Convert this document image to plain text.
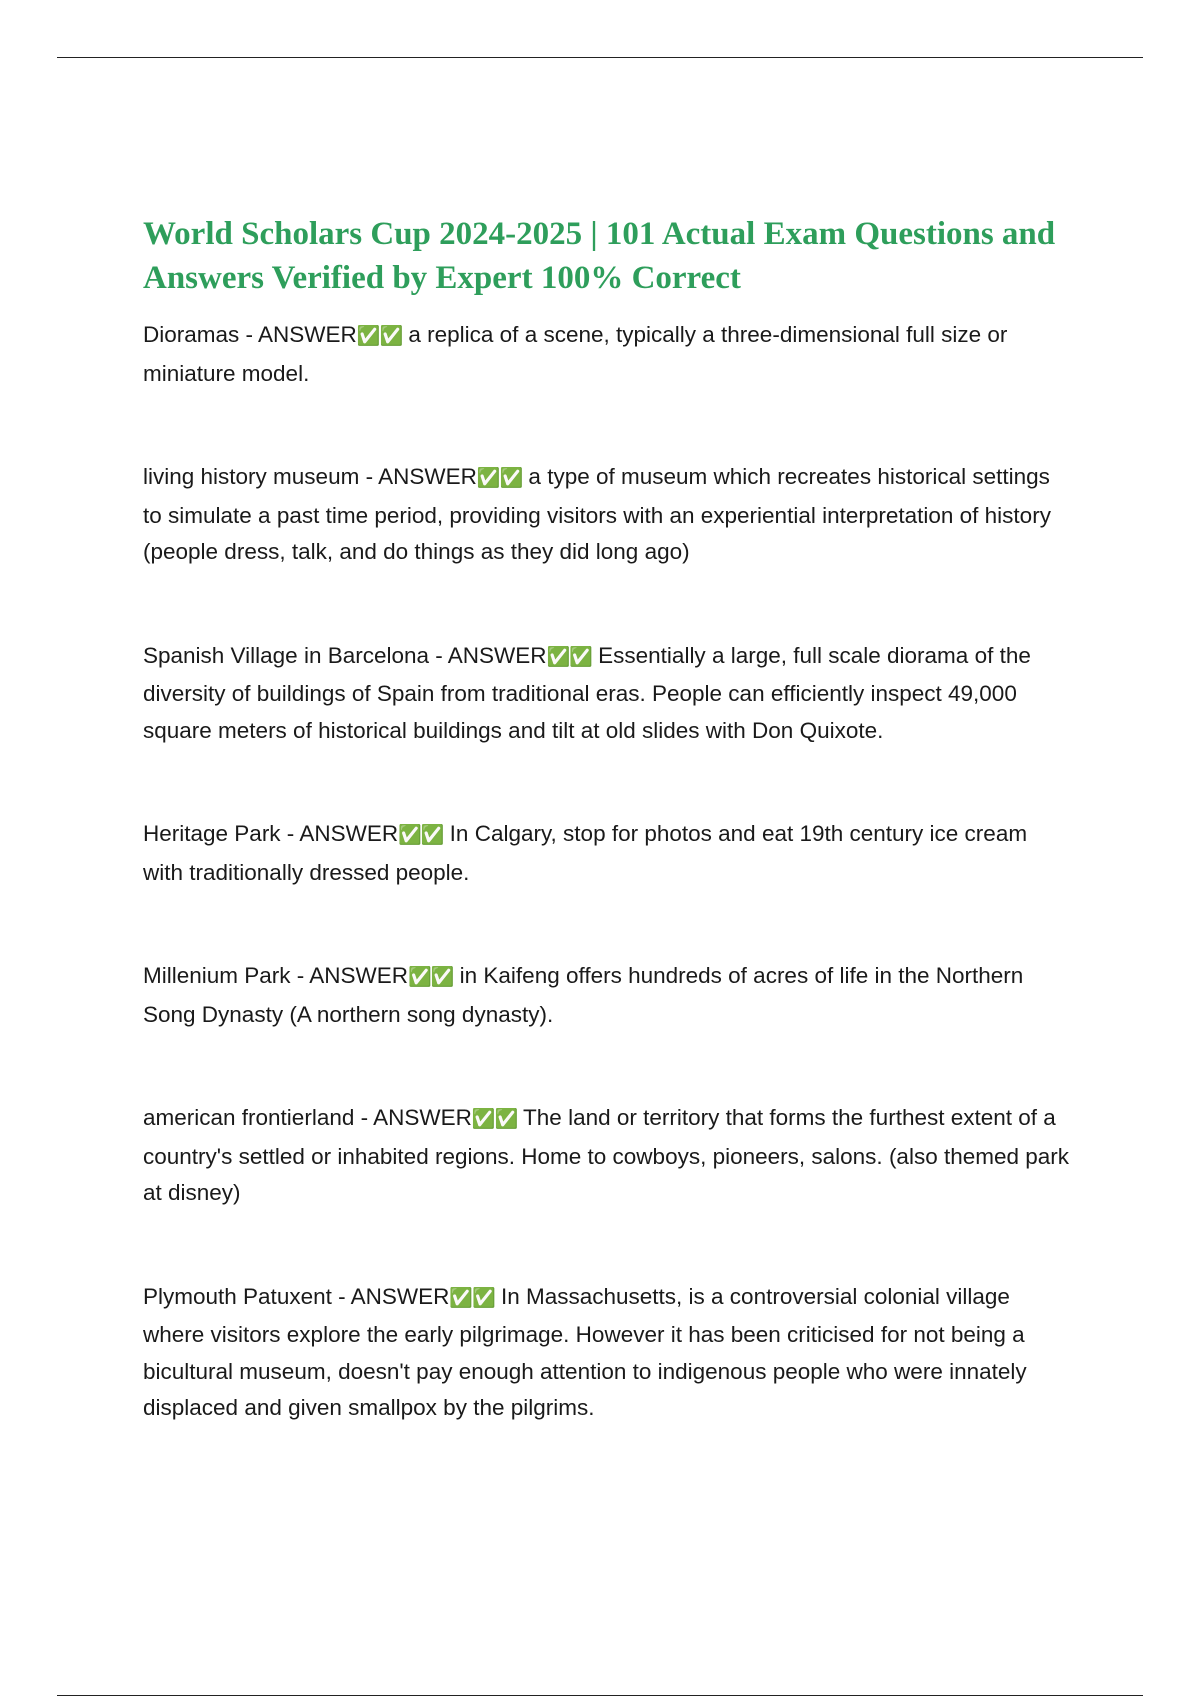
World Scholars Cup 2024-2025 | 101 Actual Exam Questions and Answers Verified by Expert 100% Correct

Dioramas - ANSWER✅✅ a replica of a scene, typically a three-dimensional full size or miniature model.

living history museum - ANSWER✅✅ a type of museum which recreates historical settings to simulate a past time period, providing visitors with an experiential interpretation of history (people dress, talk, and do things as they did long ago)

Spanish Village in Barcelona - ANSWER✅✅ Essentially a large, full scale diorama of the diversity of buildings of Spain from traditional eras. People can efficiently inspect 49,000 square meters of historical buildings and tilt at old slides with Don Quixote.

Heritage Park - ANSWER✅✅ In Calgary, stop for photos and eat 19th century ice cream with traditionally dressed people.

Millenium Park - ANSWER✅✅ in Kaifeng offers hundreds of acres of life in the Northern Song Dynasty (A northern song dynasty).

american frontierland - ANSWER✅✅ The land or territory that forms the furthest extent of a country's settled or inhabited regions. Home to cowboys, pioneers, salons. (also themed park at disney)

Plymouth Patuxent - ANSWER✅✅ In Massachusetts, is a controversial colonial village where visitors explore the early pilgrimage. However it has been criticised for not being a bicultural museum, doesn't pay enough attention to indigenous people who were innately displaced and given smallpox by the pilgrims.
